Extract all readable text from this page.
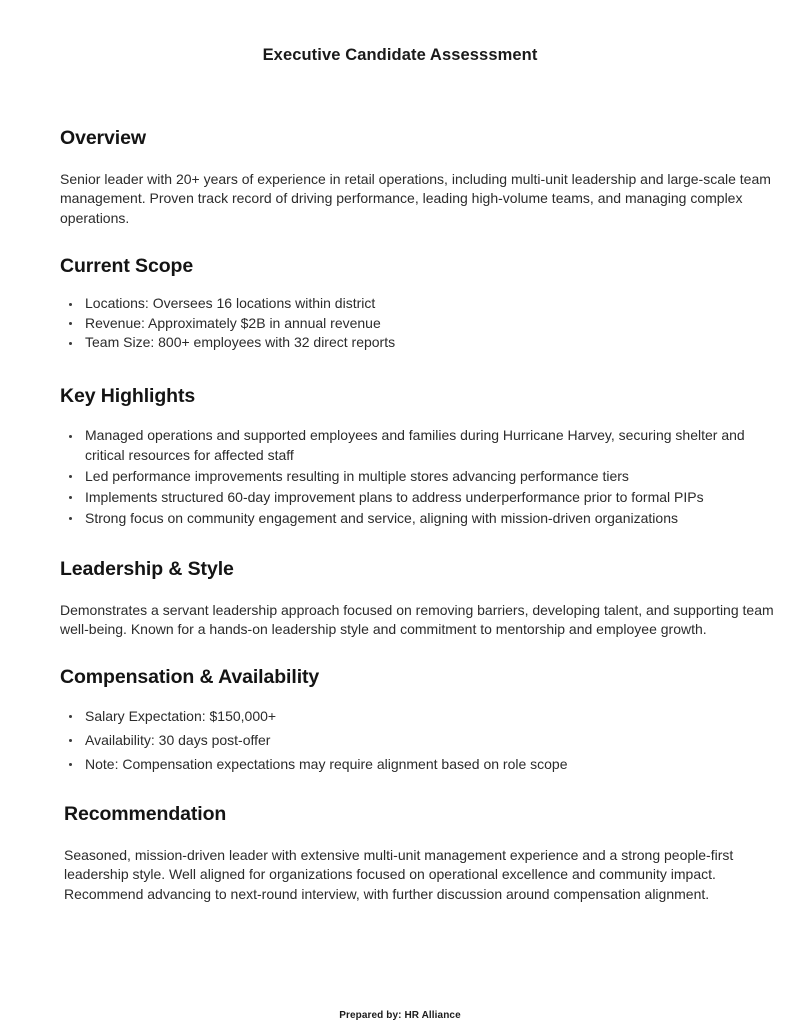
Executive Candidate Assesssment
Overview

Senior leader with 20+ years of experience in retail operations, including multi-unit leadership and large-scale team management. Proven track record of driving performance, leading high-volume teams, and managing complex operations.

Current Scope
Locations: Oversees 16 locations within district
Revenue: Approximately $2B in annual revenue
Team Size: 800+ employees with 32 direct reports
Key Highlights
Managed operations and supported employees and families during Hurricane Harvey, securing shelter and critical resources for affected staff
Led performance improvements resulting in multiple stores advancing performance tiers
Implements structured 60-day improvement plans to address underperformance prior to formal PIPs
Strong focus on community engagement and service, aligning with mission-driven organizations
Leadership & Style

Demonstrates a servant leadership approach focused on removing barriers, developing talent, and supporting team well-being. Known for a hands-on leadership style and commitment to mentorship and employee growth.

Compensation & Availability
Salary Expectation: $150,000+
Availability: 30 days post-offer
Note: Compensation expectations may require alignment based on role scope
Recommendation

Seasoned, mission-driven leader with extensive multi-unit management experience and a strong people-first leadership style. Well aligned for organizations focused on operational excellence and community impact. Recommend advancing to next-round interview, with further discussion around compensation alignment.

Prepared by: HR Alliance
